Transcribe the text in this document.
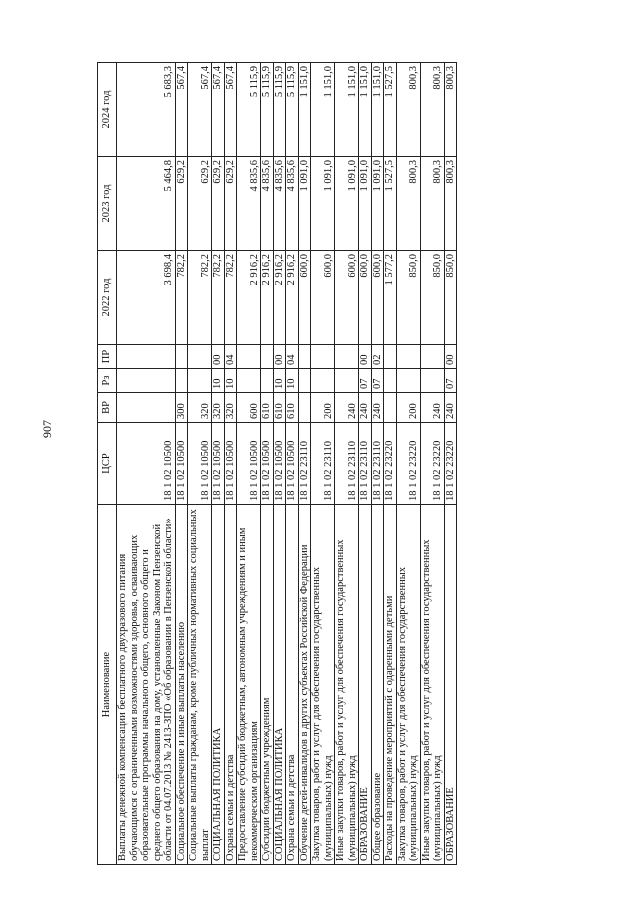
907
Наименование	ЦСР	ВР	Рз	ПР	2022 год	2023 год	2024 год
Выплаты денежной компенсации бесплатного двухразового питания обучающимся с ограниченными возможностями здоровья, осваивающих образовательные программы начального общего, основного общего и среднего общего образования на дому, установленные Законом Пензенской области от 04.07.2013 № 2413-ЗПО «Об образовании в Пензенской области»	18 1 02 10500				3 698,4	5 464,8	5 683,3
Социальное обеспечение и иные выплаты населению	18 1 02 10500	300			782,2	629,2	567,4
Социальные выплаты гражданам, кроме публичных нормативных социальных выплат	18 1 02 10500	320			782,2	629,2	567,4
СОЦИАЛЬНАЯ ПОЛИТИКА	18 1 02 10500	320	10	00	782,2	629,2	567,4
Охрана семьи и детства	18 1 02 10500	320	10	04	782,2	629,2	567,4
Предоставление субсидий бюджетным, автономным учреждениям и иным некоммерческим организациям	18 1 02 10500	600			2 916,2	4 835,6	5 115,9
Субсидии бюджетным учреждениям	18 1 02 10500	610			2 916,2	4 835,6	5 115,9
СОЦИАЛЬНАЯ ПОЛИТИКА	18 1 02 10500	610	10	00	2 916,2	4 835,6	5 115,9
Охрана семьи и детства	18 1 02 10500	610	10	04	2 916,2	4 835,6	5 115,9
Обучение детей-инвалидов в других субъектах Российской Федерации	18 1 02 23110				600,0	1 091,0	1 151,0
Закупка товаров, работ и услуг для обеспечения государственных (муниципальных) нужд	18 1 02 23110	200			600,0	1 091,0	1 151,0
Иные закупки товаров, работ и услуг для обеспечения государственных (муниципальных) нужд	18 1 02 23110	240			600,0	1 091,0	1 151,0
ОБРАЗОВАНИЕ	18 1 02 23110	240	07	00	600,0	1 091,0	1 151,0
Общее образование	18 1 02 23110	240	07	02	600,0	1 091,0	1 151,0
Расходы на проведение мероприятий с одаренными детьми	18 1 02 23220				1 577,2	1 527,5	1 527,5
Закупка товаров, работ и услуг для обеспечения государственных (муниципальных) нужд	18 1 02 23220	200			850,0	800,3	800,3
Иные закупки товаров, работ и услуг для обеспечения государственных (муниципальных) нужд	18 1 02 23220	240			850,0	800,3	800,3
ОБРАЗОВАНИЕ	18 1 02 23220	240	07	00	850,0	800,3	800,3
